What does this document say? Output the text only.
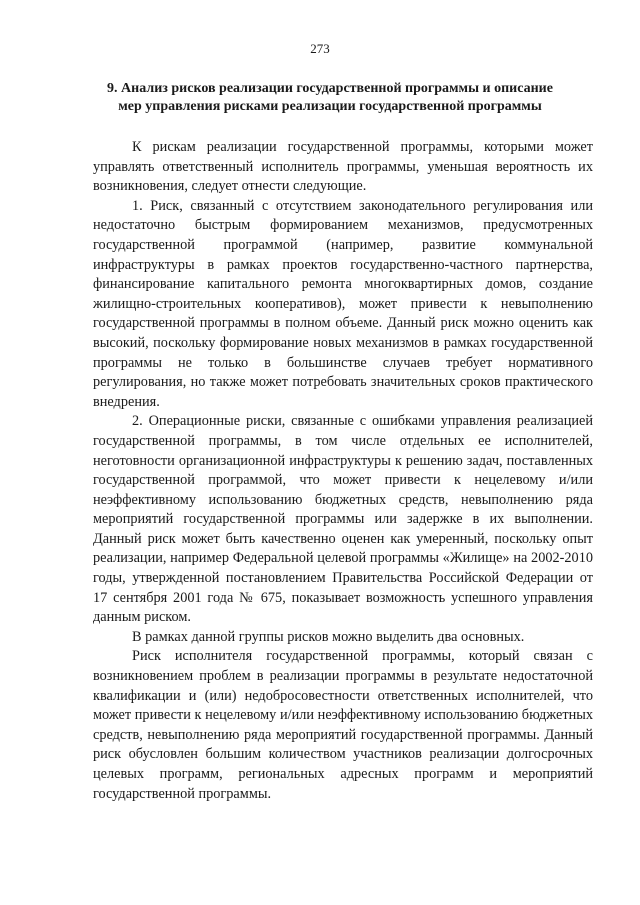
273
9. Анализ рисков реализации государственной программы и описание
мер управления рисками реализации государственной программы

К рискам реализации государственной программы, которыми может управлять ответственный исполнитель программы, уменьшая вероятность их возникновения, следует отнести следующие.

1. Риск, связанный с отсутствием законодательного регулирования или недостаточно быстрым формированием механизмов, предусмотренных государственной программой (например, развитие коммунальной инфраструктуры в рамках проектов государственно-частного партнерства, финансирование капитального ремонта многоквартирных домов, создание жилищно-строительных кооперативов), может привести к невыполнению государственной программы в полном объеме. Данный риск можно оценить как высокий, поскольку формирование новых механизмов в рамках государственной программы не только в большинстве случаев требует нормативного регулирования, но также может потребовать значительных сроков практического внедрения.

2. Операционные риски, связанные с ошибками управления реализацией государственной программы, в том числе отдельных ее исполнителей, неготовности организационной инфраструктуры к решению задач, поставленных государственной программой, что может привести к нецелевому и/или неэффективному использованию бюджетных средств, невыполнению ряда мероприятий государственной программы или задержке в их выполнении. Данный риск может быть качественно оценен как умеренный, поскольку опыт реализации, например Федеральной целевой программы «Жилище» на 2002-2010 годы, утвержденной постановлением Правительства Российской Федерации от 17 сентября 2001 года № 675, показывает возможность успешного управления данным риском.

В рамках данной группы рисков можно выделить два основных.

Риск исполнителя государственной программы, который связан с возникновением проблем в реализации программы в результате недостаточной квалификации и (или) недобросовестности ответственных исполнителей, что может привести к нецелевому и/или неэффективному использованию бюджетных средств, невыполнению ряда мероприятий государственной программы. Данный риск обусловлен большим количеством участников реализации долгосрочных целевых программ, региональных адресных программ и мероприятий государственной программы.
